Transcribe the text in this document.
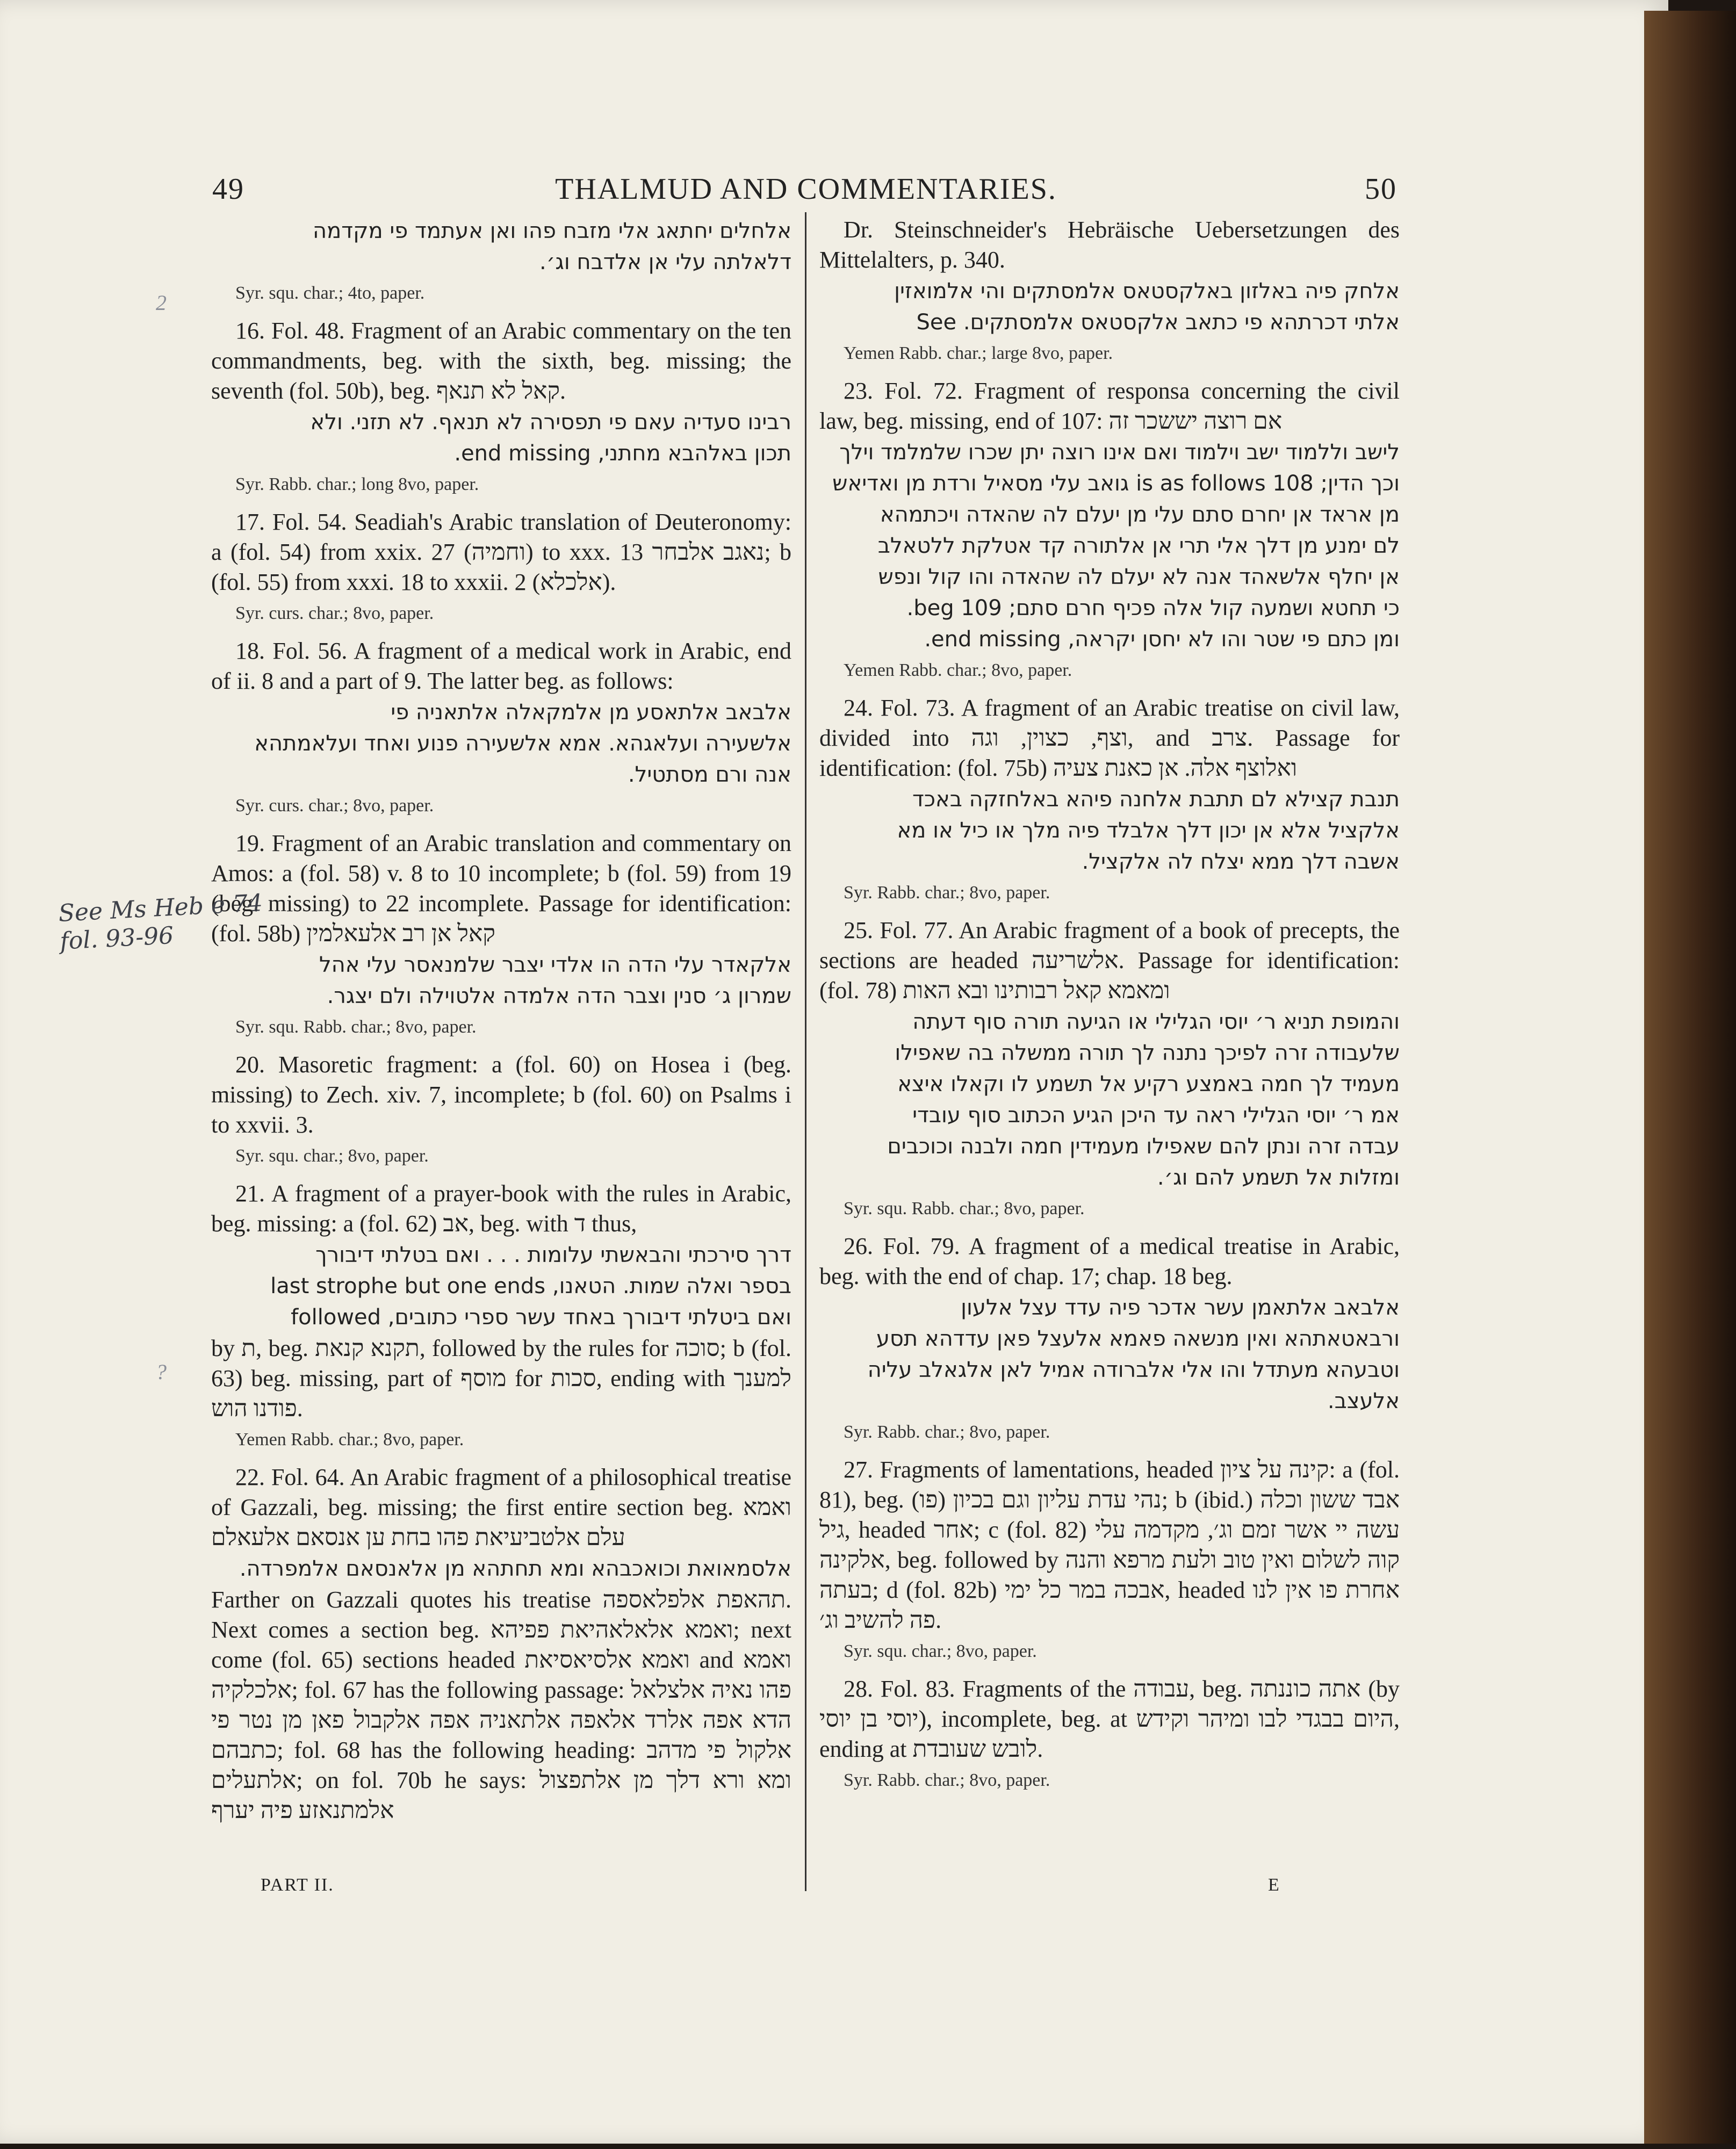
49	THALMUD AND COMMENTARIES.	50
אלחלים יחתאג אלי מזבח פהו ואן אעתמד פי מקדמה
דלאלתה עלי אן אלדבח וג׳.
Syr. squ. char.; 4to, paper.
16. Fol. 48. Fragment of an Arabic commentary on the ten commandments, beg. with the sixth, beg. missing; the seventh (fol. 50b), beg. קאל לא תנאף.
רבינו סעדיה עאם פי תפסירה לא תנאף. לא תזני. ולא
תכון באלהבא מחתני, end missing.
Syr. Rabb. char.; long 8vo, paper.
17. Fol. 54. Seadiah's Arabic translation of Deuteronomy: a (fol. 54) from xxix. 27 (וחמיה) to xxx. 13 נאגב אלבחר; b (fol. 55) from xxxi. 18 to xxxii. 2 (אלכלא).
Syr. curs. char.; 8vo, paper.
18. Fol. 56. A fragment of a medical work in Arabic, end of ii. 8 and a part of 9. The latter beg. as follows:
אלבאב אלתאסע מן אלמקאלה אלתאניה פי
אלשעירה ועלאגהא. אמא אלשעירה פנוע ואחד ועלאמתהא
אנה ורם מסתטיל.
Syr. curs. char.; 8vo, paper.
19. Fragment of an Arabic translation and commentary on Amos: a (fol. 58) v. 8 to 10 incomplete; b (fol. 59) from 19 (beg. missing) to 22 incomplete. Passage for identification: (fol. 58b) קאל אן רב אלעאלמין
אלקאדר עלי הדה הו אלדי יצבר שלמנאסר עלי אהל
שמרון ג׳ סנין וצבר הדה אלמדה אלטוילה ולם יצגר.
Syr. squ. Rabb. char.; 8vo, paper.
20. Masoretic fragment: a (fol. 60) on Hosea i (beg. missing) to Zech. xiv. 7, incomplete; b (fol. 60) on Psalms i to xxvii. 3.
Syr. squ. char.; 8vo, paper.
21. A fragment of a prayer-book with the rules in Arabic, beg. missing: a (fol. 62) אב, beg. with ד thus,
דרך סירכתי והבאשתי עלומות . . . ואם בטלתי דיבורך
בספר ואלה שמות. הטאנו, last strophe but one ends
ואם ביטלתי דיבורך באחד עשר ספרי כתובים, followed
by ת, beg. תקנא קנאת, followed by the rules for סוכה; b (fol. 63) beg. missing, part of מוסף for סכות, ending with למענך פודנו הוש.
Yemen Rabb. char.; 8vo, paper.
22. Fol. 64. An Arabic fragment of a philosophical treatise of Gazzali, beg. missing; the first entire section beg. ואמא עלם אלטביעיאת פהו בחת ען אנסאם אלעאלם
אלסמאואת וכואכבהא ומא תחתהא מן אלאנסאם אלמפרדה.
Farther on Gazzali quotes his treatise תהאפת אלפלאספה. Next comes a section beg. ואמא אלאלאהיאת פפיהא; next come (fol. 65) sections headed ואמא אלסיאסיאת and ואמא אלכלקיה; fol. 67 has the following passage: פהו נאיה אלצלאל הדא אפה אלרד אלאפה אלתאניה אפה אלקבול פאן מן נטר פי כתבהם; fol. 68 has the following heading: אלקול פי מדהב אלתעלים; on fol. 70b he says: ומא ורא דלך מן אלתפצול אלמתנאזע פיה יערף
Dr. Steinschneider's Hebräische Uebersetzungen des Mittelalters, p. 340.
אלחק פיה באלזון באלקסטאס אלמסתקים והי אלמואזין
אלתי דכרתהא פי כתאב אלקסטאס אלמסתקים. See
Yemen Rabb. char.; large 8vo, paper.
23. Fol. 72. Fragment of responsa concerning the civil law, beg. missing, end of 107: אם רוצה יששכר זה
לישב וללמוד ישב וילמוד ואם אינו רוצה יתן שכרו שלמלמד וילך
וכך הדין; 108 is as follows גואב עלי מסאיל ורדת מן ואדיאש
מן אראד אן יחרם סתם עלי מן יעלם לה שהאדה ויכתמהא
לם ימנע מן דלך אלי תרי אן אלתורה קד אטלקת ללטאלב
אן יחלף אלשאהד אנה לא יעלם לה שהאדה והו קול ונפש
כי תחטא ושמעה קול אלה פכיף חרם סתם; 109 beg.
ומן כתם פי שטר והו לא יחסן יקראה, end missing.
Yemen Rabb. char.; 8vo, paper.
24. Fol. 73. A fragment of an Arabic treatise on civil law, divided into וצף, כצוין, וגה, and צרב. Passage for identification: (fol. 75b) ואלוצף אלה. אן כאנת צעיה
תנבת קצילא לם תתבת אלחנה פיהא באלחזקה באכד
אלקציל אלא אן יכון דלך אלבלד פיה מלך או כיל או מא
אשבה דלך ממא יצלח לה אלקציל.
Syr. Rabb. char.; 8vo, paper.
25. Fol. 77. An Arabic fragment of a book of precepts, the sections are headed אלשריעה. Passage for identification: (fol. 78) ומאמא קאל רבותינו ובא האות
והמופת תניא ר׳ יוסי הגלילי או הגיעה תורה סוף דעתה
שלעבודה זרה לפיכך נתנה לך תורה ממשלה בה שאפילו
מעמיד לך חמה באמצע רקיע אל תשמע לו וקאלו איצא
אמ ר׳ יוסי הגלילי ראה עד היכן הגיע הכתוב סוף עובדי
עבדה זרה ונתן להם שאפילו מעמידין חמה ולבנה וכוכבים
ומזלות אל תשמע להם וג׳.
Syr. squ. Rabb. char.; 8vo, paper.
26. Fol. 79. A fragment of a medical treatise in Arabic, beg. with the end of chap. 17; chap. 18 beg.
אלבאב אלתאמן עשר אדכר פיה עדד עצל אלעון
ורבאטאתהא ואין מנשאה פאמא אלעצל פאן עדדהא תסע
וטבעהא מעתדל והו אלי אלברודה אמיל לאן אלגאלב עליה
אלעצב.
Syr. Rabb. char.; 8vo, paper.
27. Fragments of lamentations, headed קינה על ציון: a (fol. 81), beg. נהי עדת עליון וגם בכיון (פו); b (ibid.) אבד ששון וכלה גיל, headed אחר; c (fol. 82) עשה יי אשר זמם וג׳, מקדמה עלי אלקינה, beg. followed by קוה לשלום ואין טוב ולעת מרפא והנה בעתה; d (fol. 82b) אבכה במר כל ימי, headed אחרת פו אין לנו פה להשיב וג׳.
Syr. squ. char.; 8vo, paper.
28. Fol. 83. Fragments of the עבודה, beg. אתה כוננתה (by יוסי בן יוסי), incomplete, beg. at היום בבגדי לבו ומיהר וקידש, ending at לובש שעובדת.
Syr. Rabb. char.; 8vo, paper.
PART II.	E
See Ms Heb e 74
fol. 93-96
2
?
